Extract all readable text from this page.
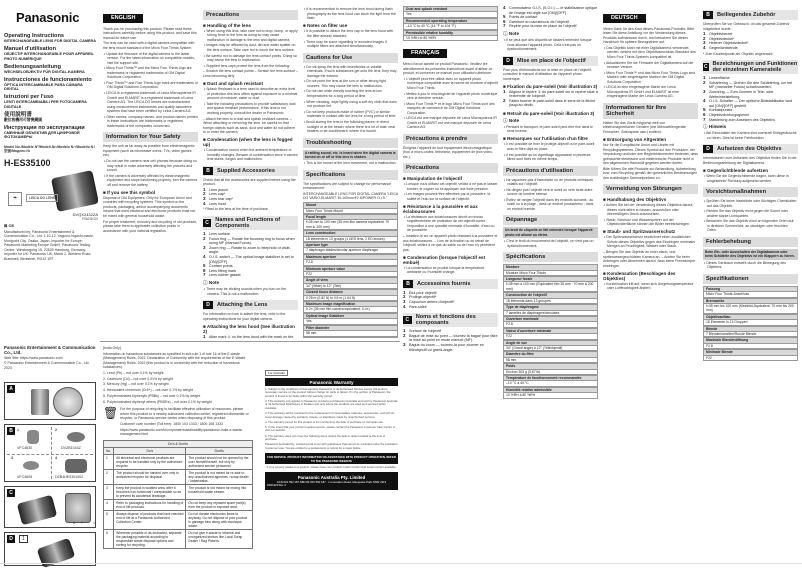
Panasonic
Operating Instructions
INTERCHANGEABLE LENS FOR DIGITAL CAMERA
Manuel d'utilisation
OBJECTIF INTERCHANGEABLE POUR APPAREIL PHOTO NUMÉRIQUE
Bedienungsanleitung
WECHSELOBJEKTIV FÜR DIGITAL-KAMERA
Instrucciones de funcionamiento
ÓPTICA INTERCAMBIABLE PARA CÁMARA DIGITAL
Istruzioni per l'uso
LENTI INTERCAMBIABILI PER FOTOCAMERA DIGITALE
使用說明書
數位相機用可替換鏡頭
Инструкция по эксплуатации
СМЕННЫЙ ОБЪЕКТИВ ДЛЯ ЦИФРОВОЙ ФОТОКАМЕРЫ
Model No./Modèle N°/Modell-Nr./Modelo N.º/Modello N./型號/Модель №
H-ES35100
☂	LEICA DG LENS
DVQX2432ZA
F0823KD0
⊠ CE
Manufactured by: Panasonic Entertainment & Communication Co., Ltd. 1-10-12, Yagumo-higashi-machi, Moriguchi City, Osaka, Japan. Importer for Europe: Panasonic Marketing Europe GmbH, Panasonic Testing Centre, Winsbergring 15, 22525 Hamburg, Germany. Importer for UK: Panasonic UK, Maxis 2, Western Road, Bracknell, Berkshire, RG12 1RT
Panasonic Entertainment & Communication Co., Ltd.
Web Site: https://www.panasonic.com
© Panasonic Entertainment & Communication Co., Ltd. 2023
A
B	1
VFC4630
2
DVZB1044Z
3
VFC4605
4
DZB4HE0301002
C
6 7	1
D	1
ENGLISH
Thank you for purchasing this product. Please read these instructions carefully before using this product, and save this manual for future use.
The lens can be used with a digital camera compatible with the lens mount standard of the Micro Four Thirds System.
• Update the firmware of the digital camera to the latest version. For the latest information on compatible models, visit the support site.
• Micro Four Thirds™ and the Micro Four Thirds logo are trademarks or registered trademarks of OM Digital Solutions Corporation.
• Four Thirds™ and Four Thirds logo mark are trademarks of OM Digital Solutions Corporation.
• LEICA is a registered trademark of Leica Microsystems IR GmbH and ELMARIT is a registered trademark of Leica Camera AG. The LEICA DG lenses are manufactured using measurement instruments and quality assurance systems that have been certified by Leica Camera AG.
• Other names, company names, and product names printed in these instructions are trademarks or registered trademarks of the companies concerned.
Information for Your Safety
Keep the unit as far away as possible from electromagnetic equipment (such as microwave ovens, TVs, video games etc).
• Do not use the camera near cell phones because doing so may result in noise adversely affecting the pictures and sound.
• If the camera is adversely affected by electromagnetic equipment and stops functioning properly, turn the camera off and remove the battery.
■ If you see this symbol
Disposal of Old Equipment. Only for European Union and countries with recycling systems. This symbol on the products, packaging, and/or accompanying documents means that used electrical and electronic products must not be mixed with general household waste.
For proper treatment, recovery and recycling of old products, please take them to applicable collection points in accordance with your national legislation.
Precautions
■ Handling of the lens
• When using this lens, take care not to drop, bump, or apply strong force to the lens as doing so may cause malfunction or damage to the lens and digital camera.
• Images may be affected by dust, dirt and water spatter on the lens surface. Take care not to touch the lens surface.
• Be careful not to damage the lens contact points. Doing so may cause the lens to malfunction.
• Supplied lens caps protect the lens from the following:
– Scratch the lens contact points – Scratch the lens surface – Lens becoming dirty
■ Dust and splash resistant
• Splash Resistant is a term used to describe an extra level of protection this lens offers against exposure to a minimal amount of moisture, water or dust.
• Take the following precautions to provide satisfactory dust and splash resistant performance. If this lens is not working properly, consult the dealer or Panasonic.
– Attach the lens to a dust and splash resistant camera. – When attaching or removing the lens, be careful so that foreign objects such as sand, dust and water do not adhere to or enter the camera.
■ Condensation (when the lens is fogged up)
• Condensation occurs when the ambient temperature or humidity changes. Beware of condensation since it causes lens stains, fungus and malfunction.
B	Supplied Accessories
Check that all the accessories are supplied before using the product.
1 Lens pouch
2 Lens cap*
3 Lens rear cap*
4 Lens hood
* Fitted to the lens at the time of purchase.
C	Names and Functions of Components
1 Lens surface
2 Focus ring — Rotate the focusing ring to focus when using MF (Manual Focus).
3 Zoom ring — Rotate to zoom to telephoto or wide-angle.
4 O.I.S. switch — The optical image stabilizer is set to [ON]/[OFF].
5 Contact points
6 Lens fitting mark
7 Lens rubber gasket
ⓘ Note
• There may be clicking sounds when you turn on the camera. This is not a malfunction.
D	Attaching the Lens
For information on how to attach the lens, refer to the operating instructions for your digital camera.
■ Attaching the lens hood (See illustration 2)
1 Align mark ① on the lens hood with the mark on the
• It is recommended to remove the lens hood during flash photography as the lens hood can block the light from the flash.
■ Notes on filter use
• It is possible to attach the lens cap or the lens hood with the filter already attached.
• There may be some vignetting in recorded images if multiple filters are attached simultaneously.
Cautions for Use
• Do not spray the lens with insecticides or volatile chemicals. If such substances get onto the lens, they may damage the exterior.
• Do not point the lens at the sun or other strong light sources. This may cause the lens to malfunction.
• Do not use while directly touching the lens at low temperatures for a long period of time.
• When cleaning, wipe lightly using a soft dry cloth that does not produce lint.
• Do not keep products made of rubber (PVC) or similar materials in contact with the lens for a long period of time.
• Avoid storing the lens in the following places: in direct sunlight or at the beach; where there is a lot of dust; near heaters or air conditioners; where it is humid.
Troubleshooting
A rattling sound, etc. is heard when the digital camera is turned on or off or this lens is shaken.
• This is the sound of the lens movement, not a malfunction.
Specifications
The specifications are subject to change for performance enhancement.
INTERCHANGEABLE LENS FOR DIGITAL CAMERA "LEICA DG VARIO-ELMARIT 35-100mm/F2.8/POWER O.I.S."
Mount
Micro Four Thirds Mount
Focal length
f=35 mm to 100 mm (35 mm film camera equivalent: 70 mm to 200 mm)
Lens construction
18 elements in 13 groups (1 UED lens, 2 ED lenses)
Aperture type
7 diaphragm blades/circular aperture diaphragm
Maximum aperture
F2.8
Minimum aperture value
F22
Angle of view
34° (Wide) to 12° (Tele)
Closest focus distance
0.25 m (0.82 ft) to 0.5 m (1.64 ft)
Maximum image magnification
0.2× (35 mm film camera equivalent: 0.4×)
Optical Image Stabilizer
Yes
Filter diameter
58 mm
Dust and splash resistant
Yes
Recommended operating temperature
–10 °C to 40 °C (14 °F to 104 °F)
Permissible relative humidity
10 %RH to 80 %RH
FRANÇAIS
Merci d'avoir acheté ce produit Panasonic. Veuillez lire attentivement les présentes instructions avant d'utiliser ce produit, et conserver ce manuel pour utilisation ultérieure.
• L'objectif peut être utilisé avec un appareil photo numérique compatible avec la norme de monture d'objectif Micro Four Thirds.
• Mettez à jour le micrologiciel de l'appareil photo numérique vers la dernière version.
• Micro Four Thirds™ et le logo Micro Four Thirds sont des marques de commerce de OM Digital Solutions Corporation.
• LEICA est une marque déposée de Leica Microsystems IR GmbH et ELMARIT est une marque déposée de Leica Camera AG.
Précautions à prendre
Éloignez l'appareil de tout équipement électromagnétique (four à micro-ondes, téléviseur, équipement de jeux vidéo, etc.).
Précautions
■ Manipulation de l'objectif
• Lorsque vous utilisez cet objectif, veillez à ne pas le laisser tomber, le cogner ou lui appliquer une forte pression.
• Les images peuvent être affectées par la poussière, la saleté et l'eau sur la surface de l'objectif.
■ Résistance à la poussière et aux éclaboussures
• La résistance aux éclaboussures décrit un niveau supplémentaire de protection de cet objectif contre l'exposition à une quantité minimale d'humidité, d'eau ou de poussière.
– Installez-le sur un appareil photo résistant à la poussière et aux éclaboussures. – Lors de la fixation ou du retrait de l'objectif, veillez à ce que du sable ou de l'eau n'y pénètrent pas.
■ Condensation (lorsque l'objectif est embué)
• La condensation se produit lorsque la température ambiante ou l'humidité change.
B	Accessoires fournis
1 Étui pour objectif
2 Protège-objectif*
3 Capuchon arrière d'objectif*
4 Pare-soleil
C	Noms et fonctions des composants
1 Surface de l'objectif
2 Bague de mise au point — tournez la bague pour faire la mise au point en mode manuel (MF).
3 Bague du zoom — tournez-la pour zoomer en téléobjectif ou grand-angle.
4 Commutateur O.I.S. (S.O.I.) — le stabilisateur optique de l'image est réglé sur [ON]/[OFF].
5 Points de contact
6 Garniture en caoutchouc de l'objectif
7 Repère pour la mise en place de l'objectif
ⓘ Note
• Il se peut que des cliquetis se fassent entendre lorsque vous allumez l'appareil photo. Cela n'est pas un dysfonctionnement.
D	Mise en place de l'objectif
Pour plus d'informations sur la mise en place de l'objectif, consultez le manuel d'utilisation de l'appareil photo numérique.
■ Fixation du pare-soleil (Voir illustration 2)
1 Alignez le repère ① du pare-soleil sur le repère situé à l'extrémité de l'objectif.
2 Faites tourner le pare-soleil dans le sens de la flèche jusqu'au déclic.
■ Retrait du pare-soleil (Voir illustration 3)
ⓘ Note
• Pendant le transport, le pare-soleil peut être fixé dans le sens inverse.
■ Remarques sur l'utilisation d'un filtre
• Il est possible de fixer le protège-objectif ou le pare-soleil avec le filtre déjà en place.
• Il est possible qu'un vignettage apparaisse si plusieurs filtres sont fixés en même temps.
Précautions d'utilisation
• Ne vaporisez pas d'insecticide ou de produits chimiques volatils sur l'objectif.
• Ne dirigez pas l'objectif vers le soleil ou vers toute autre source de lumière intense.
• Évitez de ranger l'objectif dans les endroits suivants : au soleil ou à la plage ; dans un endroit poussiéreux ; dans un endroit humide.
Dépannage
Un bruit de cliquetis se fait entendre lorsque l'appareil photo est allumé ou éteint.
• C'est le bruit du mouvement de l'objectif, ce n'est pas un dysfonctionnement.
Spécifications
Monture
Monture Micro Four Thirds
Longueur focale
f=35 mm à 100 mm (Équivalent film 35 mm : 70 mm à 200 mm)
Construction de l'objectif
18 éléments dans 13 groupes
Type de diaphragme
7 lamelles de diaphragme/circulaire
Ouverture maximale
F2.8
Valeur d'ouverture minimale
F22
Angle de vue
34° (Grand angle) à 12° (Téléobjectif)
Diamètre du filtre
58 mm
Poids
Environ 303 g (0,67 lb)
Température de fonctionnement recommandée
–10 °C à 40 °C
Humidité relative admissible
10 %RH à 80 %RH
DEUTSCH
Vielen Dank für den Kauf dieses Panasonic-Produkts. Bitte lesen Sie diese Anleitung vor der Verwendung dieses Produkts aufmerksam durch, und bewahren Sie dieses Handbuch für spätere Bezugnahme auf.
• Das Objektiv kann mit einer Digitalkamera verwendet werden, welche mit dem Objektivanschluss-Standard des Micro Four Thirds-Systems kompatibel ist.
• Aktualisieren Sie die Firmware der Digitalkamera auf die neueste Version.
• Micro Four Thirds™ und das Micro Four Thirds-Logo sind Marken oder eingetragene Marken der OM Digital Solutions Corporation.
• LEICA ist eine eingetragene Marke der Leica Microsystems IR GmbH und ELMARIT ist eine eingetragene Marke der Leica Camera AG.
Informationen für Ihre Sicherheit
Halten Sie das Gerät möglichst weit von elektromagnetischen Geräten (wie Mikrowellengeräte, Fernseher, Videospiele usw.) entfernt.
■ Entsorgung von Altgeräten
Nur für die Europäische Union und Länder mit Recyclingsystemen. Dieses Symbol auf den Produkten, der Verpackung und/oder den Begleitdokumenten bedeutet, dass gebrauchte elektrische und elektronische Produkte nicht in den allgemeinen Hausmüll gegeben werden dürfen.
Bitte führen Sie alte Produkte zur Behandlung, Aufarbeitung bzw. zum Recycling gemäß den gesetzlichen Bestimmungen den zuständigen Sammelpunkten zu.
Vermeidung von Störungen
■ Handhabung des Objektivs
• Achten Sie bei der Verwendung dieses Objektivs darauf, dieses nicht fallen zu lassen, anzustoßen oder übermäßigem Druck auszusetzen.
• Staub, Schmutz und Wasserspritzer auf der Objektivoberfläche können die Bilder beeinträchtigen.
■ Staub- und Spritzwasserschutz
• Der Spritzwasserschutz bezeichnet einen zusätzlichen Schutz dieses Objektivs gegen das Eindringen minimaler Mengen an Feuchtigkeit, Wasser oder Staub.
– Bringen Sie das Objektiv an einer staub- und spritzwassergeschützten Kamera an. – Achten Sie beim Anbringen oder Abnehmen darauf, dass keine Fremdkörper eindringen.
■ Kondensation (Beschlagen des Objektivs)
• Kondensation tritt auf, wenn sich Umgebungstemperatur oder Luftfeuchtigkeit ändern.
B	Beiliegendes Zubehör
Überprüfen Sie vor Gebrauch, ob das gesamte Zubehör mitgeliefert wurde.
1 Objektivbeutel
2 Objektivdeckel*
3 Hinterer Objektivdeckel*
4 Gegenlichtblende
* Zum Kaufzeitpunkt am Objektiv angebracht.
C Bezeichnungen und Funktionen der einzelnen Kamerateile
1 Linsenfläche
2 Schärfering — Drehen Sie den Schärfering, um bei MF (manueller Fokus) scharfzustellen.
3 Zoomring — Zum Zoomen in Tele- oder Weitwinkelstellung.
4 O.I.S.-Schalter — Der optische Bildstabilisator wird auf [ON]/[OFF] gestellt.
5 Kontaktpunkte
6 Objektivdichtungsgummi
7 Markierung zum Ansetzen des Objektivs
ⓘ Hinweis
• Bei Einschalten der Kamera sind eventuell Klickgeräusche zu hören. Dies ist keine Fehlfunktion.
D	Aufsetzen des Objektivs
Informationen zum Aufsetzen des Objektivs finden Sie in der Bedienungsanleitung der Digitalkamera.
■ Gegenlichtblende aufsetzen
• Wenn Sie die Gegenlichtblende tragen, kann diese in umgekehrter Richtung aufgesetzt werden.
Vorsichtsmaßnahmen
• Sprühen Sie keine Insektizide oder flüchtigen Chemikalien auf das Objektiv.
• Richten Sie das Objektiv nicht gegen die Sonne oder andere starke Lichtquellen.
• Bewahren Sie das Objektiv nicht an folgenden Orten auf: in direktem Sonnenlicht, an staubigen oder feuchten Orten.
Fehlerbehebung
Beim Ein- oder Ausschalten der Digitalkamera oder beim Schütteln des Objektivs ist ein Klappern zu hören.
• Dieses Geräusch entsteht durch die Bewegung des Objektivs.
Spezifikationen
Fassung
Micro Four Thirds-Anschluss
Brennweite
f=35 mm bis 100 mm (Kleinbild-Äquivalent: 70 mm bis 200 mm)
Objektivaufbau
18 Elemente in 13 Gruppen
Blende
7 Blendenlamellen/Runde Blende
Maximale Blendenöffnung
F2.8
Minimale Blende
F22
[India Only]
Information on hazardous substances as specified in sub-rule 1 of rule 16 of the E-waste (Management) Rules, 2022. Declaration of Conformity with the requirements of the E-Waste (Management) Rules, 2022 (this product is in conformity with the reduction of hazardous substances).
1. Lead (Pb) – not over 0.1% by weight
2. Cadmium (Cd) – not over 0.01% by weight
3. Mercury (Hg) – not over 0.1% by weight
4. Hexavalent chromium (Cr6+) – not over 0.1% by weight
5. Polybrominated biphenyls (PBBs) – not over 0.1% by weight
6. Polybrominated diphenyl ethers (PBDEs) – not over 0.1% by weight
🗑︎ For the purpose of recycling to facilitate effective utilization of resources, please return this product to a nearby authorized collection center, registered dismantler or recycler, or Panasonic service center when disposing of this product.
Customer care number (Toll free): 1800 103 1333 / 1800 108 1333
https://www.panasonic.com/in/corporate/sustainability/panasonic-india-e-waste-management.html
Do's & Don'ts		
No.	Do's	Don'ts
1	All electrical and electronic products are required to be handled only by the authorized recycler.	The product should not be opened by the user himself/herself, but only by authorized service personnel.
2	The product should be handed over only to authorized recycler for disposal.	The product is not meant for re-sale to any unauthorized agencies / scrap dealer / kabariwalas.
3	Keep the product in isolated area, after it becomes non-functional / unrepairable so as to prevent its accidental breakage.	The product is not meant for mixing into household waste stream.
4	Refer to packaging instructions for handling of end of life products.	Do not keep any replaced spare part(s) from the product in exposed area.
5	Always dispose of products that have reached end of life at a Panasonic Authorized Collection Center.	Do not donate electronics items to anybody. Do not dispose of your product in garbage bins along with municipal waste.
6	Wherever possible or as instructed, separate the packaging material according to responsible waste disposal options and sorting for recycling.	Do not give e-waste to informal and unorganized sectors like Local Scrap Dealer / Rag Pickers.
For Australia
Panasonic Warranty
1. Subject to the conditions of this warranty Panasonic or its Authorised Service Centre will perform necessary service on the product without charge for parts or labour, if in the opinion of Panasonic, the product is found to be faulty within the warranty period.
2. This warranty only applies to Panasonic products purchased in Australia and sold by Panasonic Australia or its Authorised Distributors or Dealers and only where the products are used and serviced within Australia.
3. This warranty will be restricted to the replacement of consumables, batteries, accessories, and will not cover damage caused by accident, misuse, or alterations made by unauthorised persons.
4. The warranty period for this product is 12 months from the date of purchase for domestic use.
5. In the event that your product requires service, please contact the Panasonic Customer Care Centre or visit our website.
6. The warranty does not cover the following items unless the fault or defect existed at the time of purchase.
Panasonic Australia Pty. Limited goods come with guarantees that cannot be excluded under the Australian Consumer Law. You are entitled to a replacement or refund for a major failure.
FOR SERVICE, PRODUCT INFORMATION OR ASSISTANCE WITH PRODUCT OPERATION, REFER TO THE PANASONIC WEBSITE
If your enquiry relates to a product, please have your product model number and serial number available.
Panasonic Australia Pty. Limited
ACN 001 592 187 ABN 83 001 592 187 · 1 Innovation Road, Macquarie Park NSW 2113
PAN0123 Rev. 2
